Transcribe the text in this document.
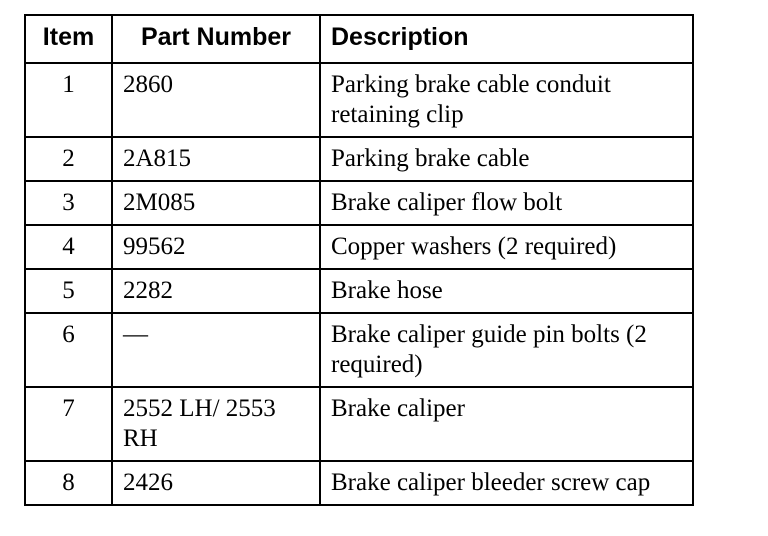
Item	Part Number	Description
1	2860	Parking brake cable conduit retaining clip
2	2A815	Parking brake cable
3	2M085	Brake caliper flow bolt
4	99562	Copper washers (2 required)
5	2282	Brake hose
6	—	Brake caliper guide pin bolts (2 required)
7	2552 LH/ 2553 RH	Brake caliper
8	2426	Brake caliper bleeder screw cap
